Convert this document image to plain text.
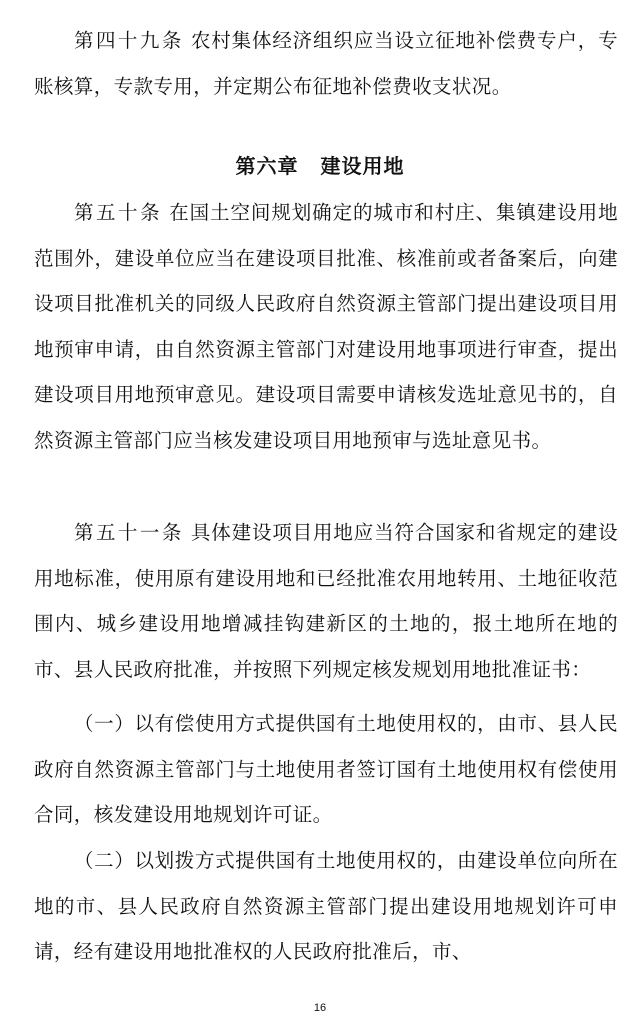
第四十九条 农村集体经济组织应当设立征地补偿费专户，专账核算，专款专用，并定期公布征地补偿费收支状况。

第六章 建设用地

第五十条 在国土空间规划确定的城市和村庄、集镇建设用地范围外，建设单位应当在建设项目批准、核准前或者备案后，向建设项目批准机关的同级人民政府自然资源主管部门提出建设项目用地预审申请，由自然资源主管部门对建设用地事项进行审查，提出建设项目用地预审意见。建设项目需要申请核发选址意见书的，自然资源主管部门应当核发建设项目用地预审与选址意见书。

第五十一条 具体建设项目用地应当符合国家和省规定的建设用地标准，使用原有建设用地和已经批准农用地转用、土地征收范围内、城乡建设用地增减挂钩建新区的土地的，报土地所在地的市、县人民政府批准，并按照下列规定核发规划用地批准证书：

（一）以有偿使用方式提供国有土地使用权的，由市、县人民政府自然资源主管部门与土地使用者签订国有土地使用权有偿使用合同，核发建设用地规划许可证。

（二）以划拨方式提供国有土地使用权的，由建设单位向所在地的市、县人民政府自然资源主管部门提出建设用地规划许可申请，经有建设用地批准权的人民政府批准后，市、

16
